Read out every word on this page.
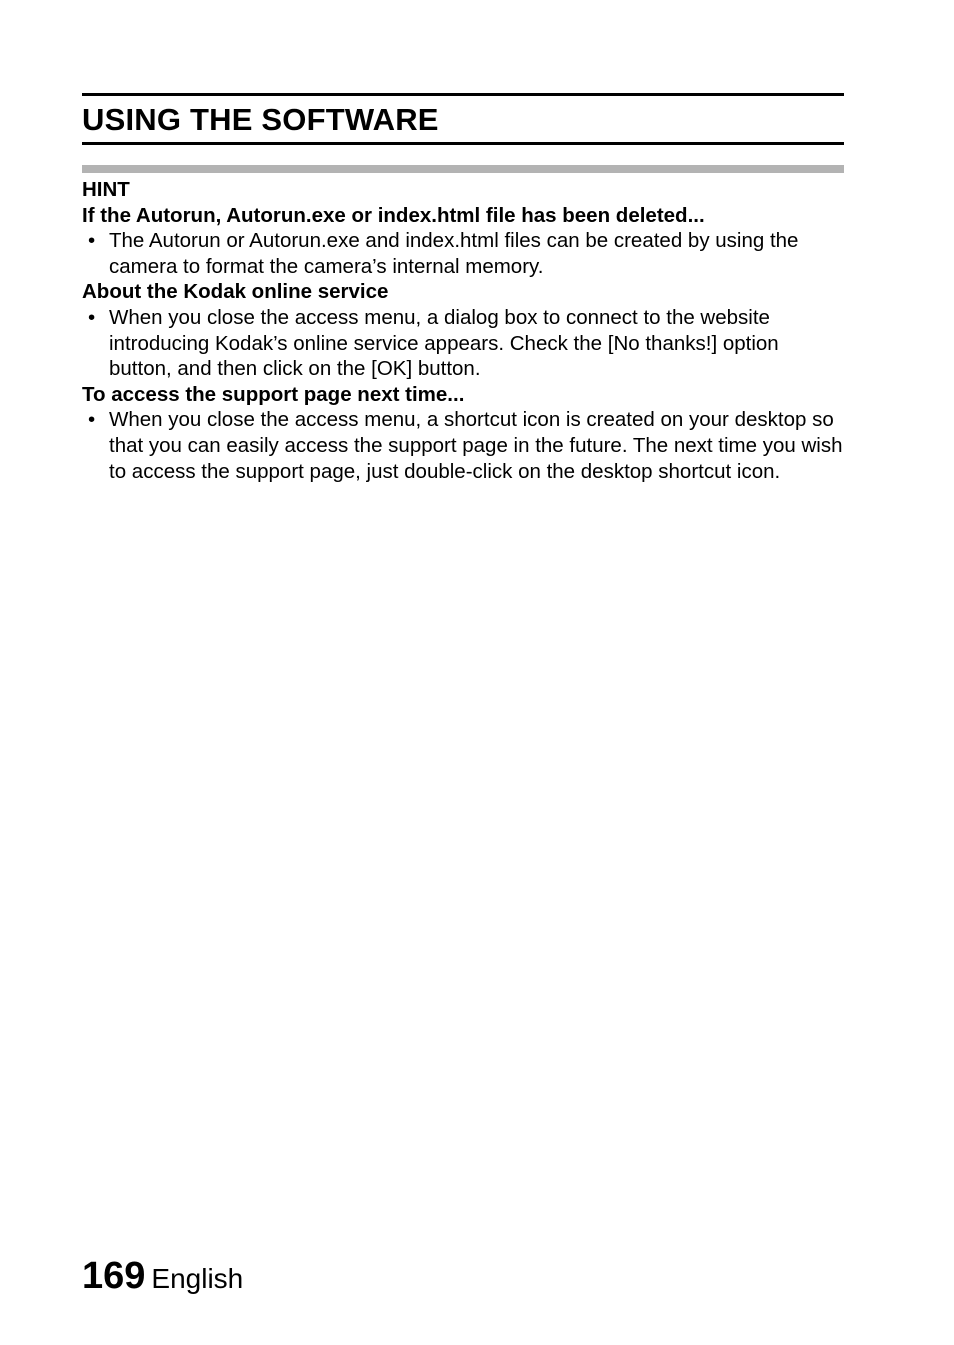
USING THE SOFTWARE
HINT
If the Autorun, Autorun.exe or index.html file has been deleted...
• The Autorun or Autorun.exe and index.html files can be created by using the camera to format the camera’s internal memory.
About the Kodak online service
• When you close the access menu, a dialog box to connect to the website introducing Kodak’s online service appears. Check the [No thanks!] option button, and then click on the [OK] button.
To access the support page next time...
• When you close the access menu, a shortcut icon is created on your desktop so that you can easily access the support page in the future. The next time you wish to access the support page, just double-click on the desktop shortcut icon.
169 English
